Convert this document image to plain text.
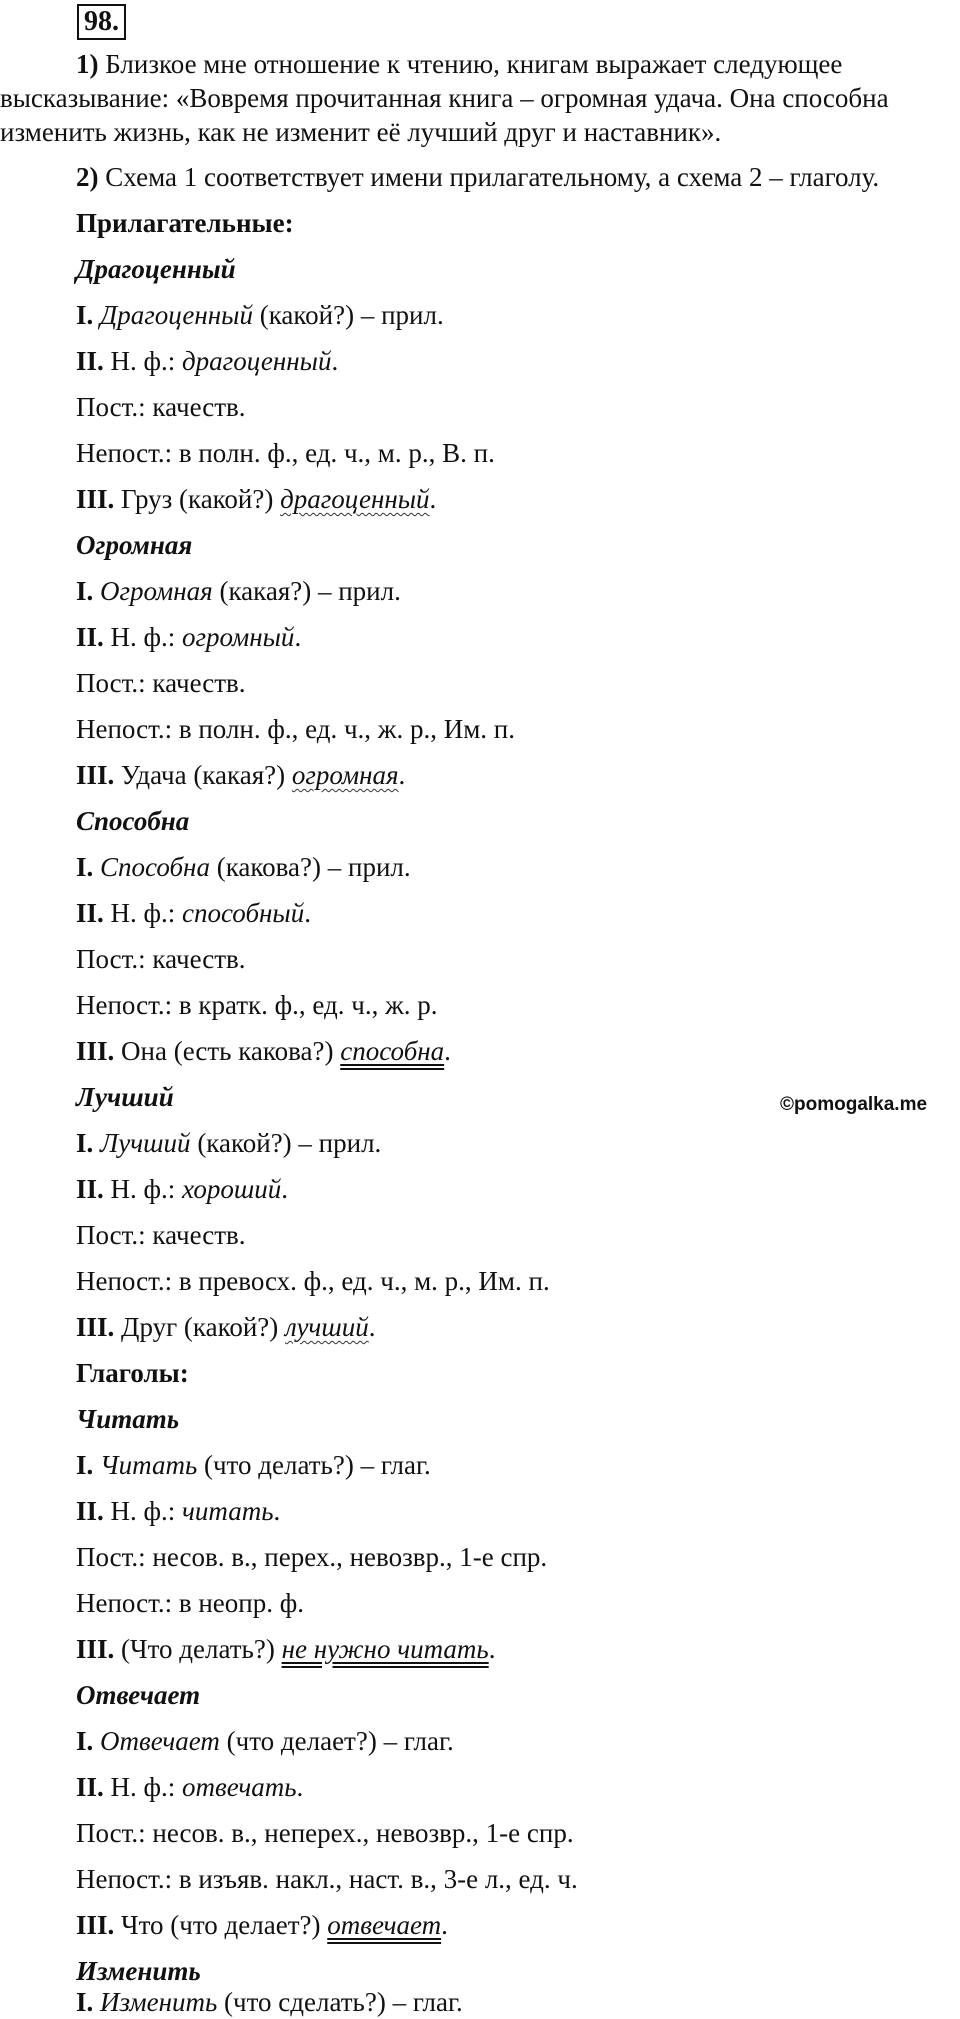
98.
1) Близкое мне отношение к чтению, книгам выражает следующее высказывание: «Вовремя прочитанная книга – огромная удача. Она способна изменить жизнь, как не изменит её лучший друг и наставник».
2) Схема 1 соответствует имени прилагательному, а схема 2 – глаголу.
Прилагательные:
Драгоценный
I. Драгоценный (какой?) – прил.
II. Н. ф.: драгоценный.
Пост.: качеств.
Непост.: в полн. ф., ед. ч., м. р., В. п.
III. Груз (какой?) драгоценный.
Огромная
I. Огромная (какая?) – прил.
II. Н. ф.: огромный.
Пост.: качеств.
Непост.: в полн. ф., ед. ч., ж. р., Им. п.
III. Удача (какая?) огромная.
Способна
I. Способна (какова?) – прил.
II. Н. ф.: способный.
Пост.: качеств.
Непост.: в кратк. ф., ед. ч., ж. р.
III. Она (есть какова?) способна.
Лучший	©pomogalka.me
I. Лучший (какой?) – прил.
II. Н. ф.: хороший.
Пост.: качеств.
Непост.: в превосх. ф., ед. ч., м. р., Им. п.
III. Друг (какой?) лучший.
Глаголы:
Читать
I. Читать (что делать?) – глаг.
II. Н. ф.: читать.
Пост.: несов. в., перех., невозвр., 1-е спр.
Непост.: в неопр. ф.
III. (Что делать?) не нужно читать.
Отвечает
I. Отвечает (что делает?) – глаг.
II. Н. ф.: отвечать.
Пост.: несов. в., неперех., невозвр., 1-е спр.
Непост.: в изъяв. накл., наст. в., 3-е л., ед. ч.
III. Что (что делает?) отвечает.
Изменить
I. Изменить (что сделать?) – глаг.
